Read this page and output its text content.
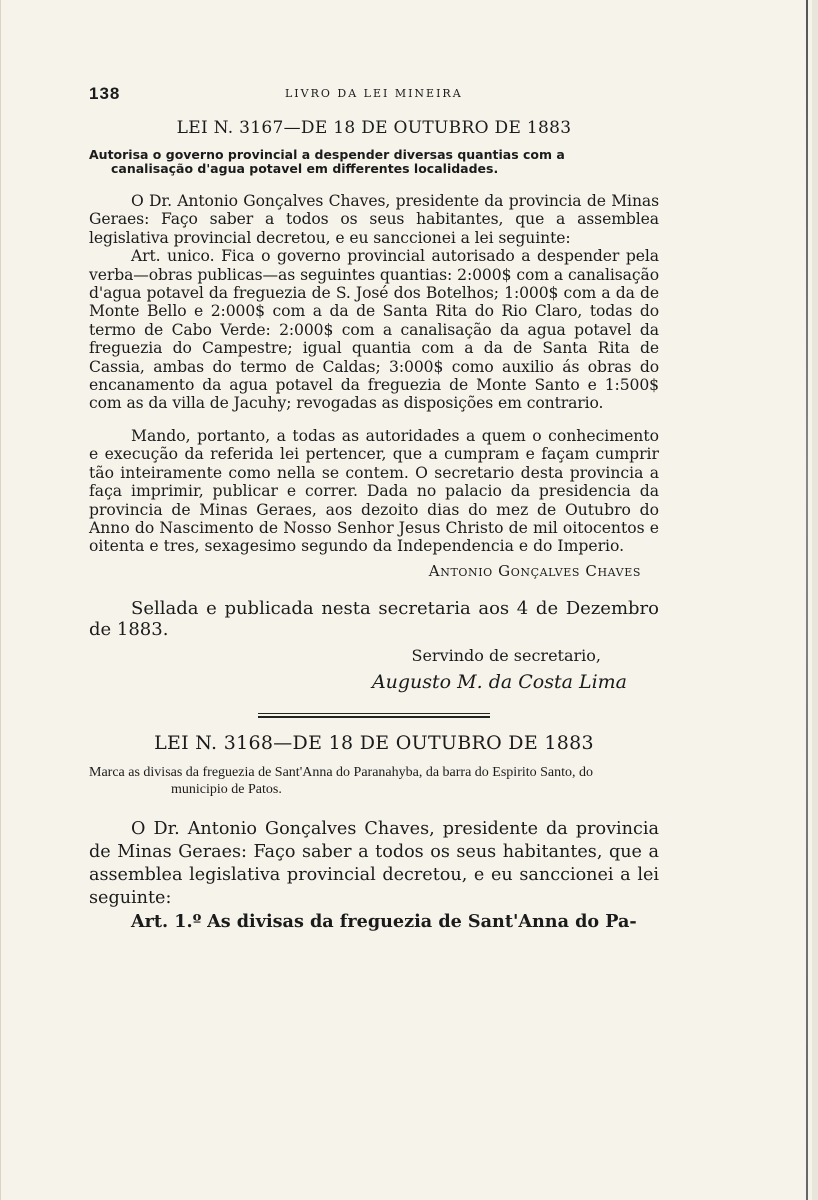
138	LIVRO DA LEI MINEIRA
LEI N. 3167—DE 18 DE OUTUBRO DE 1883

Autorisa o governo provincial a despender diversas quantias com a canalisação d'agua potavel em differentes localidades.

O Dr. Antonio Gonçalves Chaves, presidente da provincia de Minas Geraes: Faço saber a todos os seus habitantes, que a assemblea legislativa provincial decretou, e eu sanccionei a lei seguinte:

Art. unico. Fica o governo provincial autorisado a despender pela verba—obras publicas—as seguintes quantias: 2:000$ com a canalisação d'agua potavel da freguezia de S. José dos Botelhos; 1:000$ com a da de Monte Bello e 2:000$ com a da de Santa Rita do Rio Claro, todas do termo de Cabo Verde: 2:000$ com a canalisação da agua potavel da freguezia do Campestre; igual quantia com a da de Santa Rita de Cassia, ambas do termo de Caldas; 3:000$ como auxilio ás obras do encanamento da agua potavel da freguezia de Monte Santo e 1:500$ com as da villa de Jacuhy; revogadas as disposições em contrario.

Mando, portanto, a todas as autoridades a quem o conhecimento e execução da referida lei pertencer, que a cumpram e façam cumprir tão inteiramente como nella se contem. O secretario desta provincia a faça imprimir, publicar e correr. Dada no palacio da presidencia da provincia de Minas Geraes, aos dezoito dias do mez de Outubro do Anno do Nascimento de Nosso Senhor Jesus Christo de mil oitocentos e oitenta e tres, sexagesimo segundo da Independencia e do Imperio.

Antonio Gonçalves Chaves

Sellada e publicada nesta secretaria aos 4 de Dezembro de 1883.

Servindo de secretario,
Augusto M. da Costa Lima
LEI N. 3168—DE 18 DE OUTUBRO DE 1883

Marca as divisas da freguezia de Sant'Anna do Paranahyba, da barra do Espirito Santo, do municipio de Patos.

O Dr. Antonio Gonçalves Chaves, presidente da provincia de Minas Geraes: Faço saber a todos os seus habitantes, que a assemblea legislativa provincial decretou, e eu sanccionei a lei seguinte:

Art. 1.º As divisas da freguezia de Sant'Anna do Pa-
